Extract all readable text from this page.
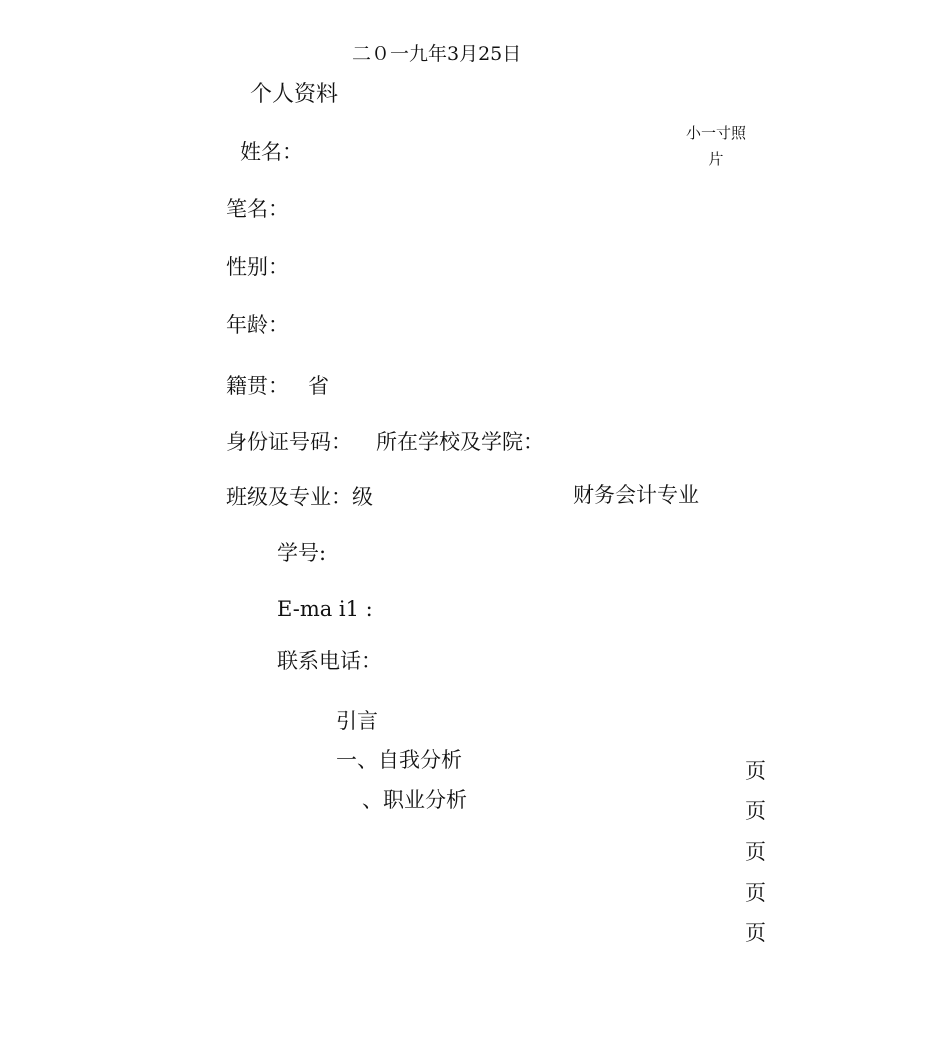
二０一九年3月25日
个人资料
小一寸照
片
姓名：
笔名：
性别：
年龄：
籍贯： 省
身份证号码： 所在学校及学院：
班级及专业：级	财务会计专业
学号:
E-ma i1 :
联系电话：
引言
一、自我分析
、职业分析
页
页
页
页
页
